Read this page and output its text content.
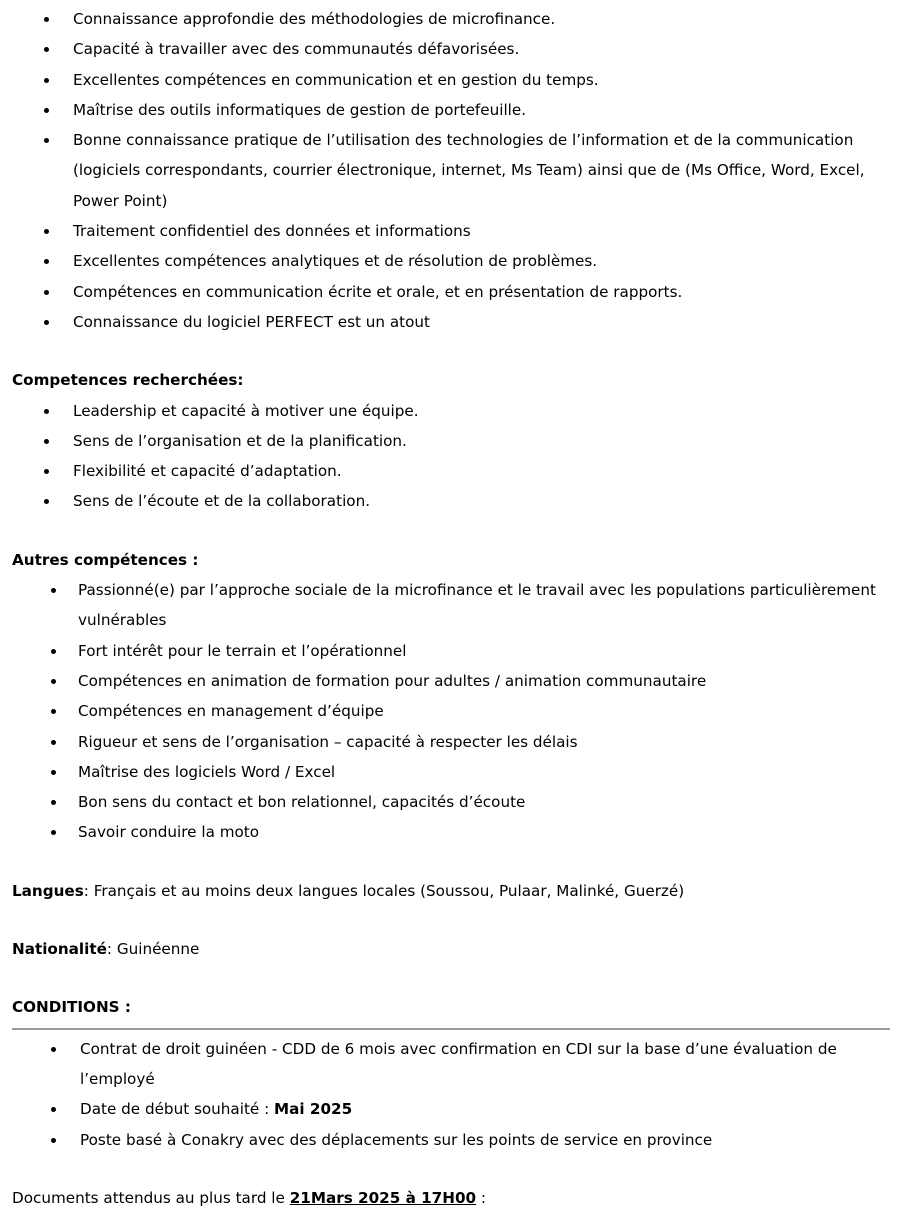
Connaissance approfondie des méthodologies de microfinance.
Capacité à travailler avec des communautés défavorisées.
Excellentes compétences en communication et en gestion du temps.
Maîtrise des outils informatiques de gestion de portefeuille.
Bonne connaissance pratique de l’utilisation des technologies de l’information et de la communication (logiciels correspondants, courrier électronique, internet, Ms Team) ainsi que de (Ms Office, Word, Excel, Power Point)
Traitement confidentiel des données et informations
Excellentes compétences analytiques et de résolution de problèmes.
Compétences en communication écrite et orale, et en présentation de rapports.
Connaissance du logiciel PERFECT est un atout
Competences recherchées:
Leadership et capacité à motiver une équipe.
Sens de l’organisation et de la planification.
Flexibilité et capacité d’adaptation.
Sens de l’écoute et de la collaboration.
Autres compétences :
Passionné(e) par l’approche sociale de la microfinance et le travail avec les populations particulièrement vulnérables
Fort intérêt pour le terrain et l’opérationnel
Compétences en animation de formation pour adultes / animation communautaire
Compétences en management d’équipe
Rigueur et sens de l’organisation – capacité à respecter les délais
Maîtrise des logiciels Word / Excel
Bon sens du contact et bon relationnel, capacités d’écoute
Savoir conduire la moto
Langues: Français et au moins deux langues locales (Soussou, Pulaar, Malinké, Guerzé)
Nationalité: Guinéenne
CONDITIONS :
Contrat de droit guinéen - CDD de 6 mois avec confirmation en CDI sur la base d’une évaluation de l’employé
Date de début souhaité : Mai 2025
Poste basé à Conakry avec des déplacements sur les points de service en province
Documents attendus au plus tard le 21Mars 2025 à 17H00 :
